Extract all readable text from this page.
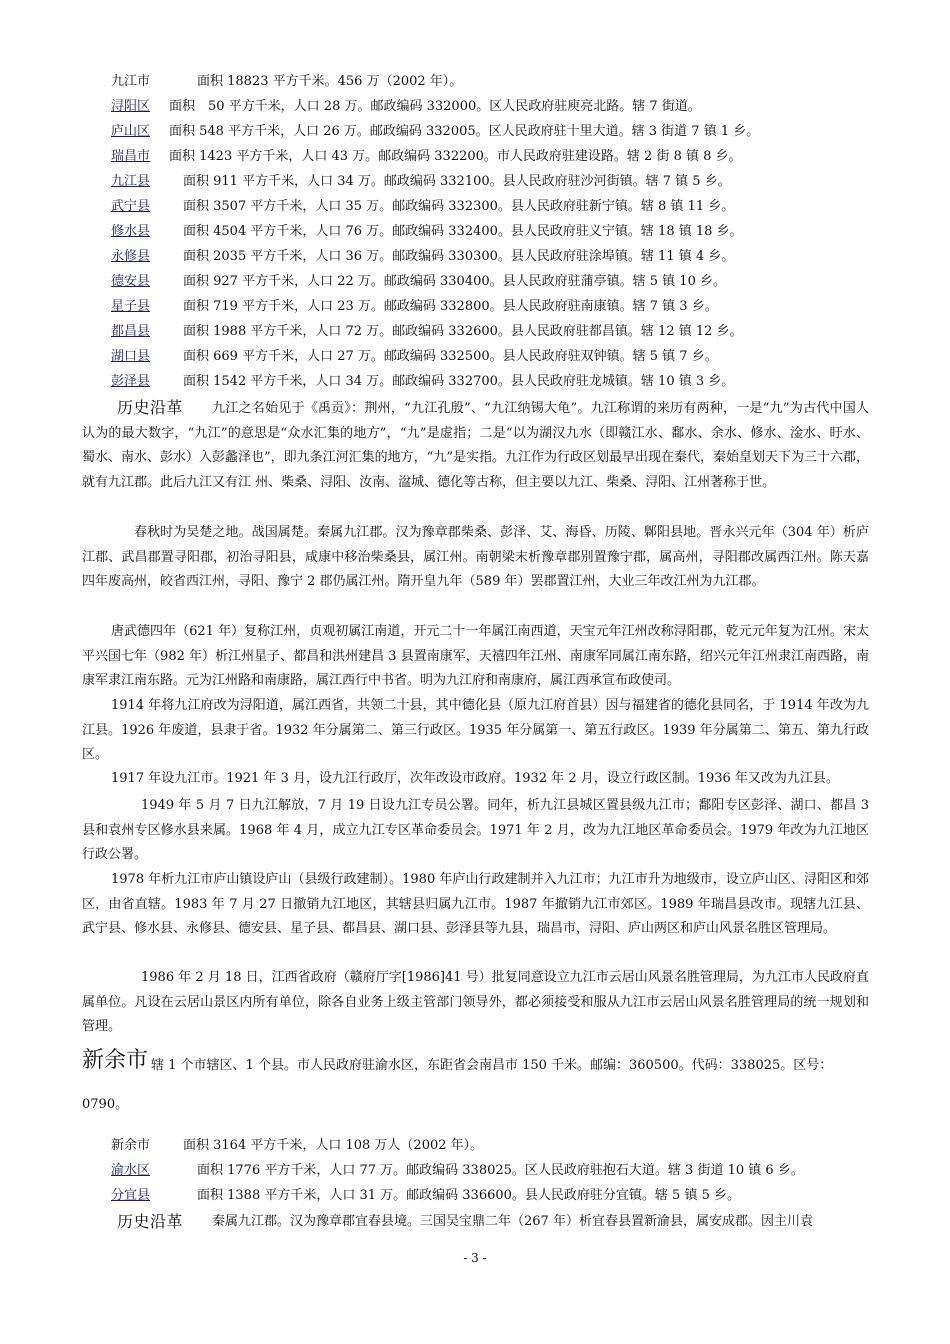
九江市	面积 18823 平方千米。456 万（2002 年）。
浔阳区 面积　50 平方千米，人口 28 万。邮政编码 332000。区人民政府驻庾亮北路。辖 7 街道。
庐山区 面积 548 平方千米，人口 26 万。邮政编码 332005。区人民政府驻十里大道。辖 3 街道 7 镇 1 乡。
瑞昌市 面积 1423 平方千米，人口 43 万。邮政编码 332200。市人民政府驻建设路。辖 2 街 8 镇 8 乡。
九江县	面积 911 平方千米，人口 34 万。邮政编码 332100。县人民政府驻沙河街镇。辖 7 镇 5 乡。
武宁县	面积 3507 平方千米，人口 35 万。邮政编码 332300。县人民政府驻新宁镇。辖 8 镇 11 乡。
修水县	面积 4504 平方千米，人口 76 万。邮政编码 332400。县人民政府驻义宁镇。辖 18 镇 18 乡。
永修县	面积 2035 平方千米，人口 36 万。邮政编码 330300。县人民政府驻涂埠镇。辖 11 镇 4 乡。
德安县	面积 927 平方千米，人口 22 万。邮政编码 330400。县人民政府驻蒲亭镇。辖 5 镇 10 乡。
星子县	面积 719 平方千米，人口 23 万。邮政编码 332800。县人民政府驻南康镇。辖 7 镇 3 乡。
都昌县	面积 1988 平方千米，人口 72 万。邮政编码 332600。县人民政府驻都昌镇。辖 12 镇 12 乡。
湖口县	面积 669 平方千米，人口 27 万。邮政编码 332500。县人民政府驻双钟镇。辖 5 镇 7 乡。
彭泽县	面积 1542 平方千米，人口 34 万。邮政编码 332700。县人民政府驻龙城镇。辖 10 镇 3 乡。
历史沿革	九江之名始见于《禹贡》：荆州，“九江孔殷”、“九江纳锡大龟”。九江称谓的来历有两种，一是“九”为古代中国人认为的最大数字，“九江”的意思是“众水汇集的地方”，“九”是虚指；二是“以为湖汉九水（即赣江水、鄱水、余水、修水、淦水、盱水、蜀水、南水、彭水）入彭蠡泽也”，即九条江河汇集的地方，“九”是实指。九江作为行政区划最早出现在秦代，秦始皇划天下为三十六郡，就有九江郡。此后九江又有江 州、柴桑、浔阳、汝南、湓城、德化等古称，但主要以九江、柴桑、浔阳、江州著称于世。

春秋时为吴楚之地。战国属楚。秦属九江郡。汉为豫章郡柴桑、彭泽、艾、海昏、历陵、鄡阳县地。晋永兴元年（304 年）析庐江郡、武昌郡置寻阳郡，初治寻阳县，咸康中移治柴桑县，属江州。南朝梁末析豫章郡别置豫宁郡，属高州，寻阳郡改属西江州。陈天嘉四年废高州，皎省西江州，寻阳、豫宁 2 郡仍属江州。隋开皇九年（589 年）罢郡置江州，大业三年改江州为九江郡。

唐武德四年（621 年）复称江州，贞观初属江南道，开元二十一年属江南西道，天宝元年江州改称浔阳郡，乾元元年复为江州。宋太平兴国七年（982 年）析江州星子、都昌和洪州建昌 3 县置南康军，天禧四年江州、南康军同属江南东路，绍兴元年江州隶江南西路，南康军隶江南东路。元为江州路和南康路，属江西行中书省。明为九江府和南康府，属江西承宣布政使司。

1914 年将九江府改为浔阳道，属江西省，共领二十县，其中德化县（原九江府首县）因与福建省的德化县同名，于 1914 年改为九江县。1926 年废道，县隶于省。1932 年分属第二、第三行政区。1935 年分属第一、第五行政区。1939 年分属第二、第五、第九行政区。

1917 年设九江市。1921 年 3 月，设九江行政厅，次年改设市政府。1932 年 2 月，设立行政区制。1936 年又改为九江县。

1949 年 5 月 7 日九江解放，7 月 19 日设九江专员公署。同年，析九江县城区置县级九江市；鄱阳专区彭泽、湖口、都昌 3 县和袁州专区修水县来属。1968 年 4 月，成立九江专区革命委员会。1971 年 2 月，改为九江地区革命委员会。1979 年改为九江地区行政公署。

1978 年析九江市庐山镇设庐山（县级行政建制）。1980 年庐山行政建制并入九江市；九江市升为地级市，设立庐山区、浔阳区和郊区，由省直辖。1983 年 7 月 27 日撤销九江地区，其辖县归属九江市。1987 年撤销九江市郊区。1989 年瑞昌县改市。现辖九江县、武宁县、修水县、永修县、德安县、星子县、都昌县、湖口县、彭泽县等九县，瑞昌市，浔阳、庐山两区和庐山风景名胜区管理局。

1986 年 2 月 18 日，江西省政府（赣府厅字[1986]41 号）批复同意设立九江市云居山风景名胜管理局，为九江市人民政府直属单位。凡设在云居山景区内所有单位，除各自业务上级主管部门领导外，都必须接受和服从九江市云居山风景名胜管理局的统一规划和管理。

新余市 辖 1 个市辖区、1 个县。市人民政府驻渝水区，东距省会南昌市 150 千米。邮编：360500。代码：338025。区号：
0790。
新余市	面积 3164 平方千米，人口 108 万人（2002 年）。
渝水区	面积 1776 平方千米，人口 77 万。邮政编码 338025。区人民政府驻抱石大道。辖 3 街道 10 镇 6 乡。
分宜县	面积 1388 平方千米，人口 31 万。邮政编码 336600。县人民政府驻分宜镇。辖 5 镇 5 乡。
历史沿革 秦属九江郡。汉为豫章郡宜春县境。三国吴宝鼎二年（267 年）析宜春县置新渝县，属安成郡。因主川袁
- 3 -
